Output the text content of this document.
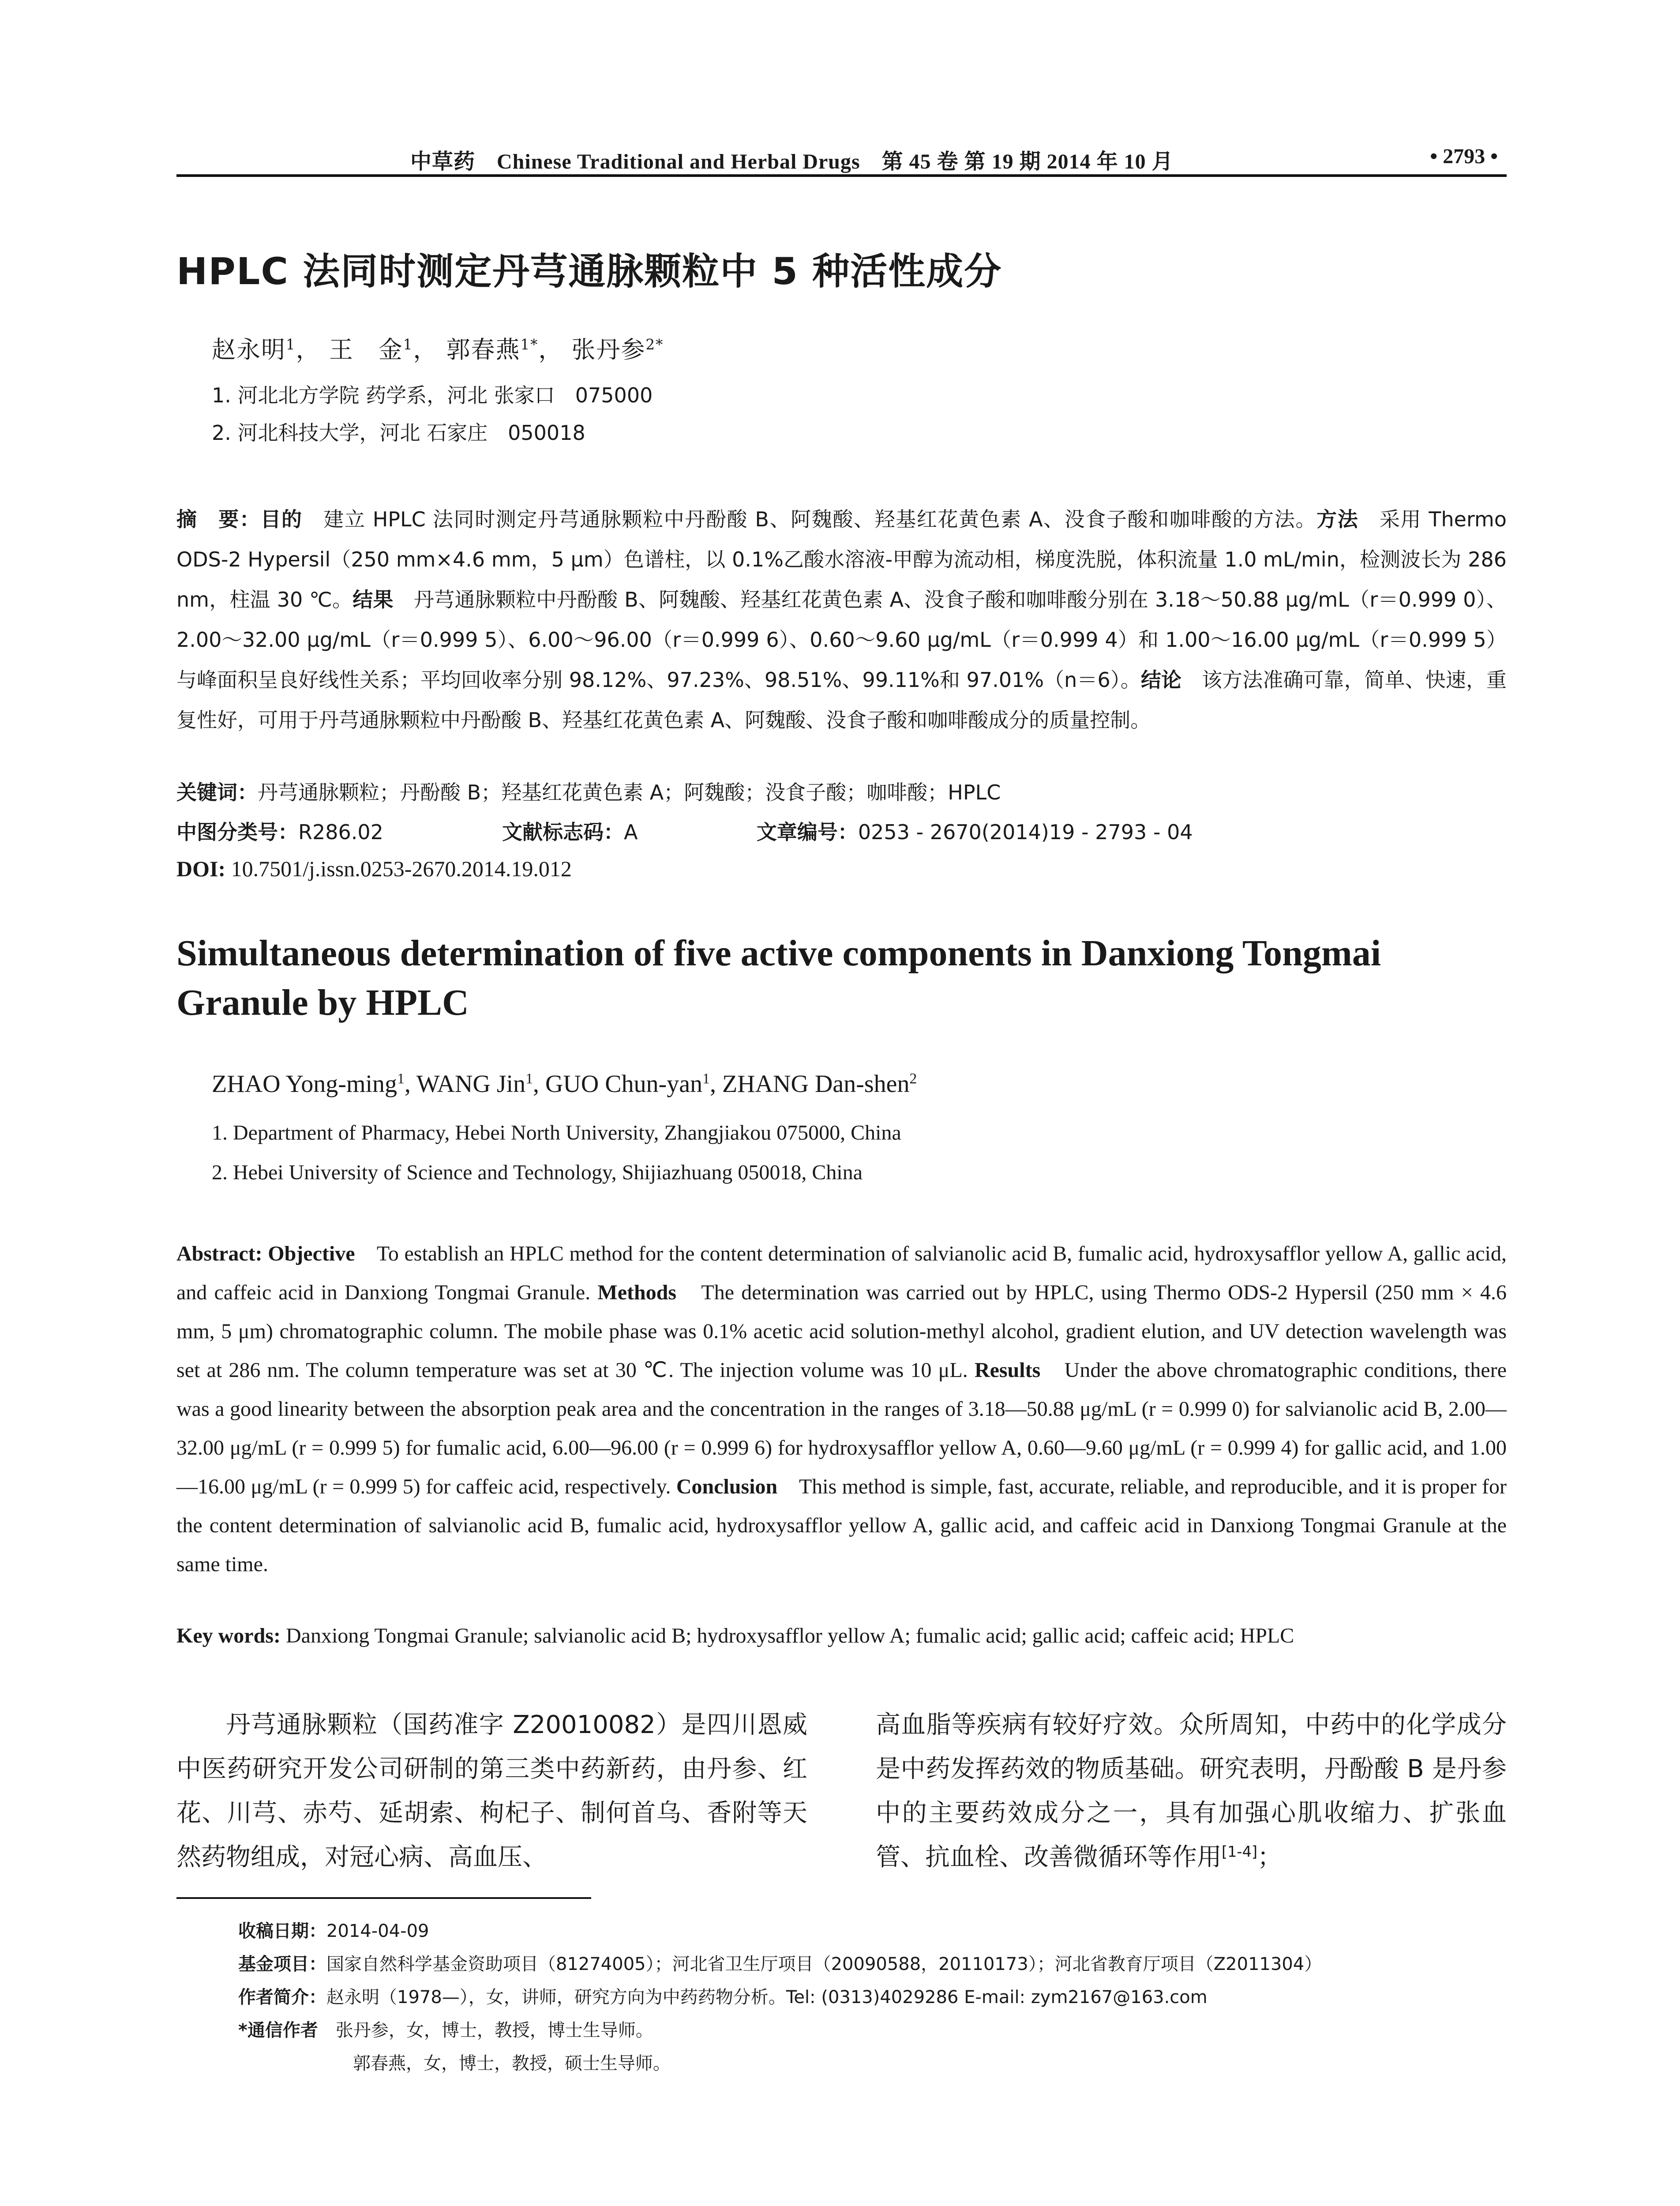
中草药　Chinese Traditional and Herbal Drugs　第 45 卷 第 19 期 2014 年 10 月	• 2793 •
HPLC 法同时测定丹芎通脉颗粒中 5 种活性成分
赵永明$^1$， 王　金$^1$， 郭春燕$^{1*}$， 张丹参$^{2*}$
1. 河北北方学院 药学系，河北 张家口　075000
2. 河北科技大学，河北 石家庄　050018
摘　要：目的　建立 HPLC 法同时测定丹芎通脉颗粒中丹酚酸 B、阿魏酸、羟基红花黄色素 A、没食子酸和咖啡酸的方法。方法　采用 Thermo ODS-2 Hypersil（250 mm×4.6 mm，5 μm）色谱柱，以 0.1%乙酸水溶液-甲醇为流动相，梯度洗脱，体积流量 1.0 mL/min，检测波长为 286 nm，柱温 30 ℃。结果　丹芎通脉颗粒中丹酚酸 B、阿魏酸、羟基红花黄色素 A、没食子酸和咖啡酸分别在 3.18～50.88 μg/mL（r＝0.999 0）、2.00～32.00 μg/mL（r＝0.999 5）、6.00～96.00（r＝0.999 6）、0.60～9.60 μg/mL（r＝0.999 4）和 1.00～16.00 μg/mL（r＝0.999 5）与峰面积呈良好线性关系；平均回收率分别 98.12%、97.23%、98.51%、99.11%和 97.01%（n＝6）。结论　该方法准确可靠，简单、快速，重复性好，可用于丹芎通脉颗粒中丹酚酸 B、羟基红花黄色素 A、阿魏酸、没食子酸和咖啡酸成分的质量控制。
关键词：丹芎通脉颗粒；丹酚酸 B；羟基红花黄色素 A；阿魏酸；没食子酸；咖啡酸；HPLC
中图分类号：R286.02	文献标志码：A	文章编号：0253 - 2670(2014)19 - 2793 - 04
DOI: 10.7501/j.issn.0253-2670.2014.19.012
Simultaneous determination of five active components in Danxiong Tongmai Granule by HPLC
ZHAO Yong-ming$^1$, WANG Jin$^1$, GUO Chun-yan$^1$, ZHANG Dan-shen$^2$
1. Department of Pharmacy, Hebei North University, Zhangjiakou 075000, China
2. Hebei University of Science and Technology, Shijiazhuang 050018, China
Abstract: Objective　To establish an HPLC method for the content determination of salvianolic acid B, fumalic acid, hydroxysafflor yellow A, gallic acid, and caffeic acid in Danxiong Tongmai Granule. Methods　The determination was carried out by HPLC, using Thermo ODS-2 Hypersil (250 mm × 4.6 mm, 5 μm) chromatographic column. The mobile phase was 0.1% acetic acid solution-methyl alcohol, gradient elution, and UV detection wavelength was set at 286 nm. The column temperature was set at 30 ℃. The injection volume was 10 μL. Results　Under the above chromatographic conditions, there was a good linearity between the absorption peak area and the concentration in the ranges of 3.18—50.88 μg/mL (r = 0.999 0) for salvianolic acid B, 2.00—32.00 μg/mL (r = 0.999 5) for fumalic acid, 6.00—96.00 (r = 0.999 6) for hydroxysafflor yellow A, 0.60—9.60 μg/mL (r = 0.999 4) for gallic acid, and 1.00—16.00 μg/mL (r = 0.999 5) for caffeic acid, respectively. Conclusion　This method is simple, fast, accurate, reliable, and reproducible, and it is proper for the content determination of salvianolic acid B, fumalic acid, hydroxysafflor yellow A, gallic acid, and caffeic acid in Danxiong Tongmai Granule at the same time.
Key words: Danxiong Tongmai Granule; salvianolic acid B; hydroxysafflor yellow A; fumalic acid; gallic acid; caffeic acid; HPLC
丹芎通脉颗粒（国药准字 Z20010082）是四川恩威中医药研究开发公司研制的第三类中药新药，由丹参、红花、川芎、赤芍、延胡索、枸杞子、制何首乌、香附等天然药物组成，对冠心病、高血压、
高血脂等疾病有较好疗效。众所周知，中药中的化学成分是中药发挥药效的物质基础。研究表明，丹酚酸 B 是丹参中的主要药效成分之一，具有加强心肌收缩力、扩张血管、抗血栓、改善微循环等作用[1-4]；
收稿日期：2014-04-09
基金项目：国家自然科学基金资助项目（81274005）；河北省卫生厅项目（20090588，20110173）；河北省教育厅项目（Z2011304）
作者简介：赵永明（1978—），女，讲师，研究方向为中药药物分析。Tel: (0313)4029286 E-mail: zym2167@163.com
*通信作者　张丹参，女，博士，教授，博士生导师。
郭春燕，女，博士，教授，硕士生导师。
